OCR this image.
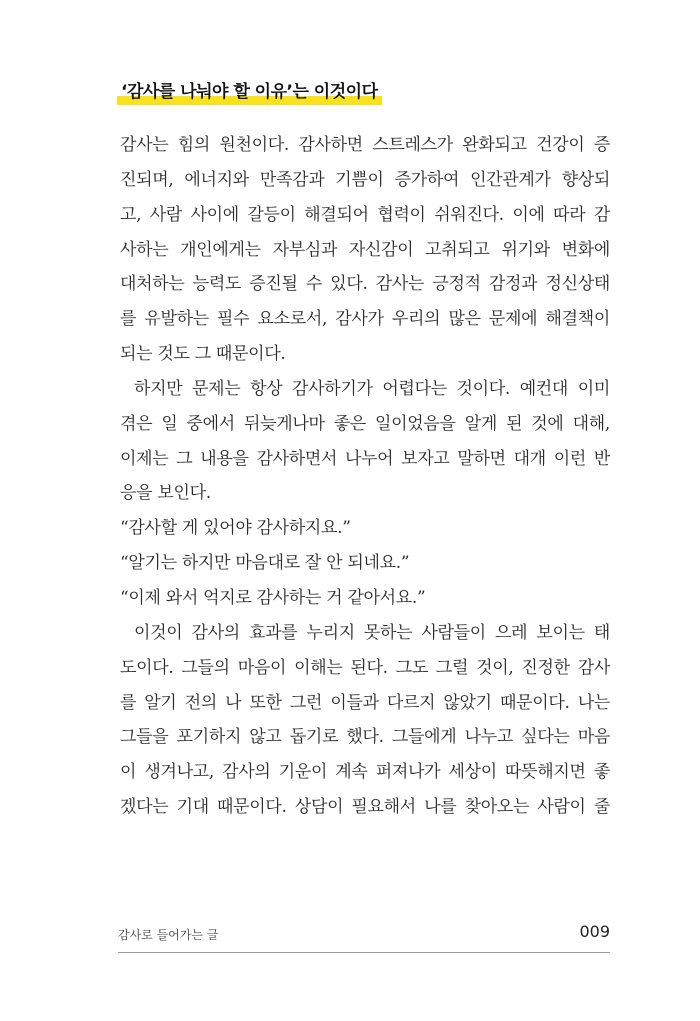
‘감사를 나눠야 할 이유’는 이것이다
감사는 힘의 원천이다. 감사하면 스트레스가 완화되고 건강이 증
진되며, 에너지와 만족감과 기쁨이 증가하여 인간관계가 향상되
고, 사람 사이에 갈등이 해결되어 협력이 쉬워진다. 이에 따라 감
사하는 개인에게는 자부심과 자신감이 고취되고 위기와 변화에
대처하는 능력도 증진될 수 있다. 감사는 긍정적 감정과 정신상태
를 유발하는 필수 요소로서, 감사가 우리의 많은 문제에 해결책이
되는 것도 그 때문이다.
하지만 문제는 항상 감사하기가 어렵다는 것이다. 예컨대 이미
겪은 일 중에서 뒤늦게나마 좋은 일이었음을 알게 된 것에 대해,
이제는 그 내용을 감사하면서 나누어 보자고 말하면 대개 이런 반
응을 보인다.
“감사할 게 있어야 감사하지요.”
“알기는 하지만 마음대로 잘 안 되네요.”
“이제 와서 억지로 감사하는 거 같아서요.”
이것이 감사의 효과를 누리지 못하는 사람들이 으레 보이는 태
도이다. 그들의 마음이 이해는 된다. 그도 그럴 것이, 진정한 감사
를 알기 전의 나 또한 그런 이들과 다르지 않았기 때문이다. 나는
그들을 포기하지 않고 돕기로 했다. 그들에게 나누고 싶다는 마음
이 생겨나고, 감사의 기운이 계속 퍼져나가 세상이 따뜻해지면 좋
겠다는 기대 때문이다. 상담이 필요해서 나를 찾아오는 사람이 줄
감사로 들어가는 글	009
